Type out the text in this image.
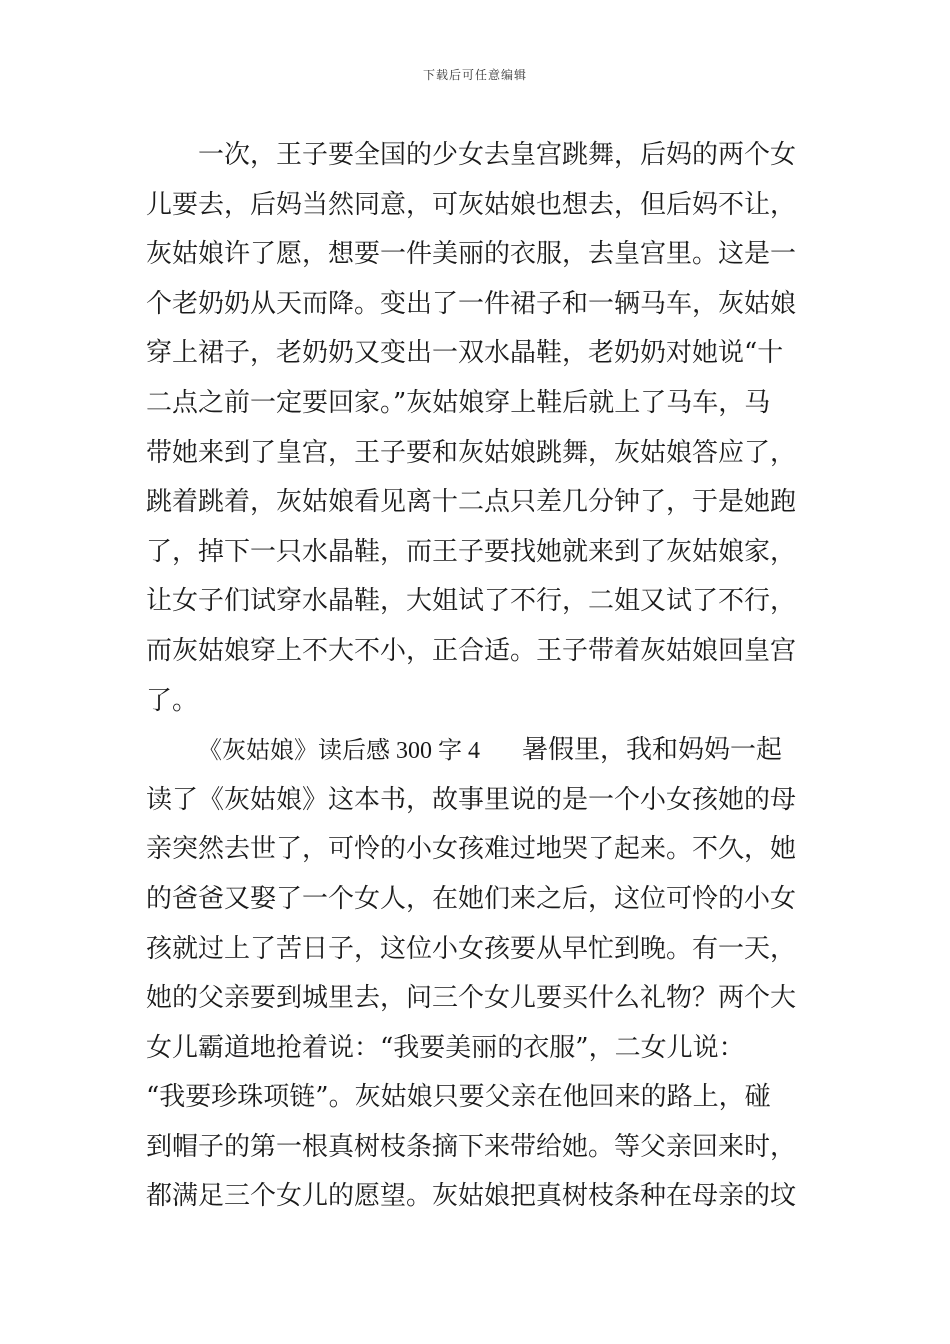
下载后可任意编辑
一次，王子要全国的少女去皇宫跳舞，后妈的两个女
儿要去，后妈当然同意，可灰姑娘也想去，但后妈不让，
灰姑娘许了愿，想要一件美丽的衣服，去皇宫里。这是一
个老奶奶从天而降。变出了一件裙子和一辆马车，灰姑娘
穿上裙子，老奶奶又变出一双水晶鞋，老奶奶对她说“十
二点之前一定要回家。”灰姑娘穿上鞋后就上了马车，马
带她来到了皇宫，王子要和灰姑娘跳舞，灰姑娘答应了，
跳着跳着，灰姑娘看见离十二点只差几分钟了，于是她跑
了，掉下一只水晶鞋，而王子要找她就来到了灰姑娘家，
让女子们试穿水晶鞋，大姐试了不行，二姐又试了不行，
而灰姑娘穿上不大不小，正合适。王子带着灰姑娘回皇宫
了。
《灰姑娘》读后感 300 字 4 暑假里，我和妈妈一起
读了《灰姑娘》这本书，故事里说的是一个小女孩她的母
亲突然去世了，可怜的小女孩难过地哭了起来。不久，她
的爸爸又娶了一个女人，在她们来之后，这位可怜的小女
孩就过上了苦日子，这位小女孩要从早忙到晚。有一天，
她的父亲要到城里去，问三个女儿要买什么礼物？两个大
女儿霸道地抢着说：“我要美丽的衣服”，二女儿说：
“我要珍珠项链”。灰姑娘只要父亲在他回来的路上，碰
到帽子的第一根真树枝条摘下来带给她。等父亲回来时，
都满足三个女儿的愿望。灰姑娘把真树枝条种在母亲的坟
